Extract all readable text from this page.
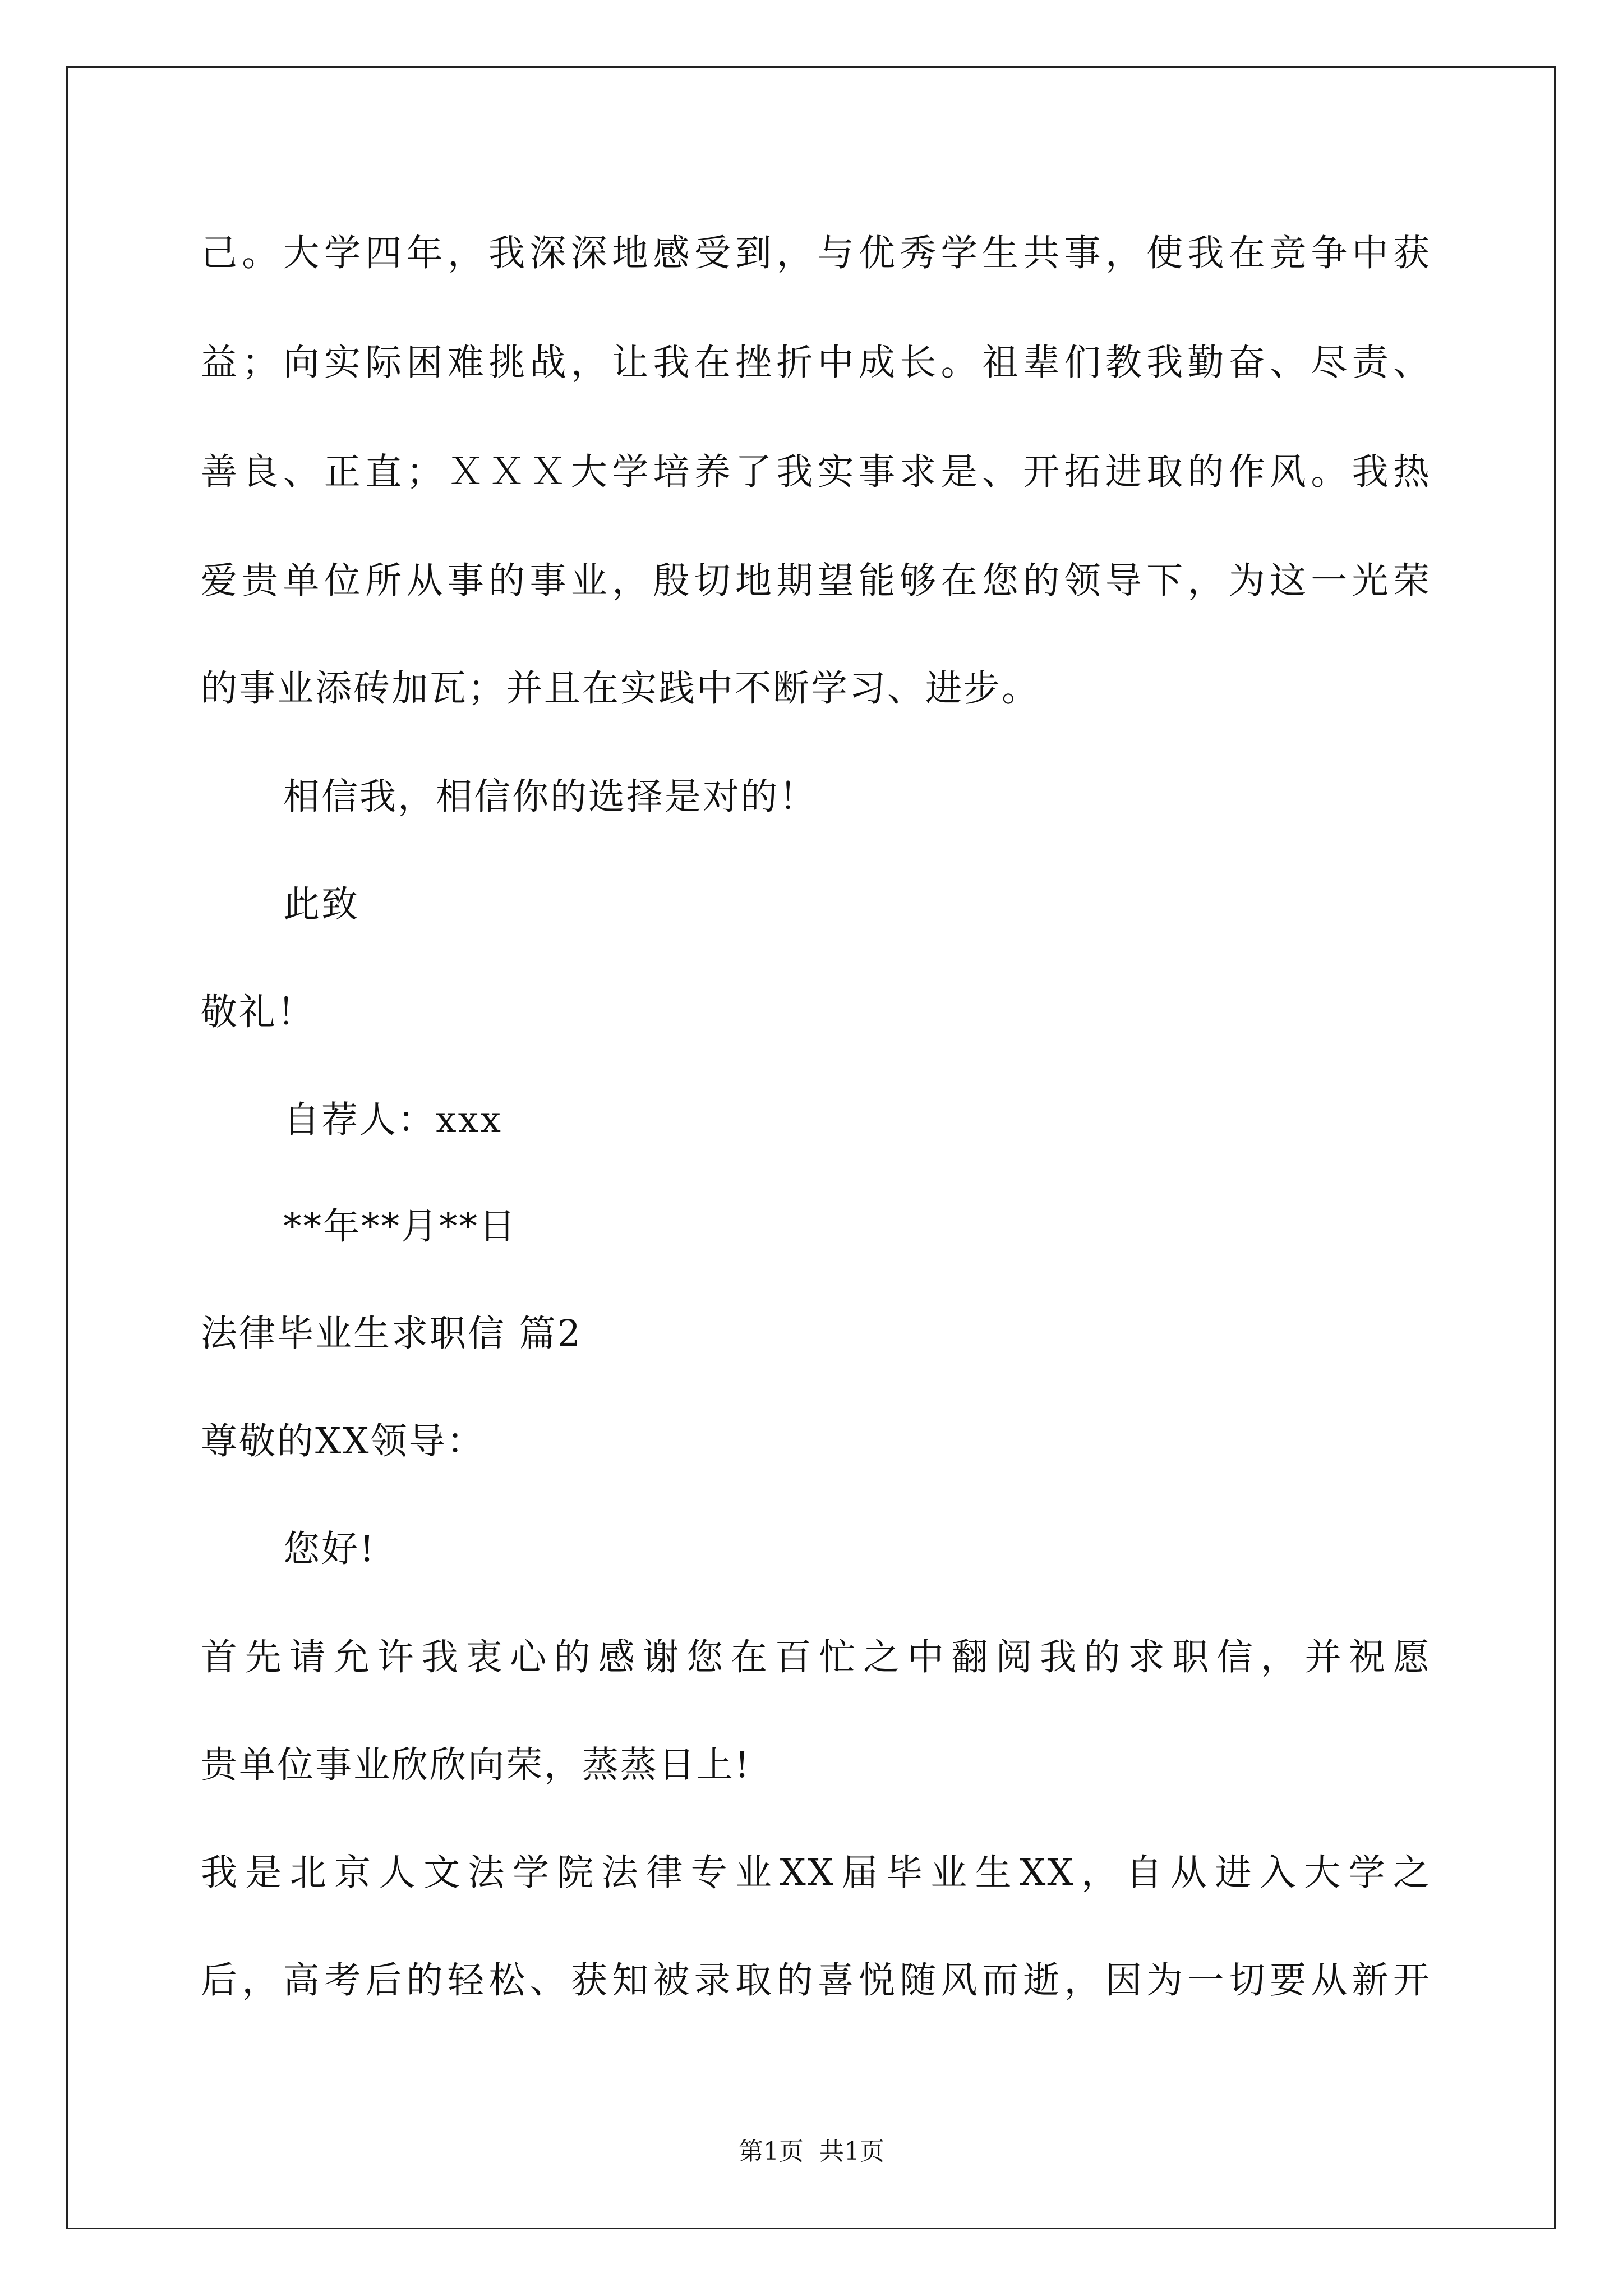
己。大学四年，我深深地感受到，与优秀学生共事，使我在竞争中获
益；向实际困难挑战，让我在挫折中成长。祖辈们教我勤奋、尽责、
善良、正直；ＸＸＸ大学培养了我实事求是、开拓进取的作风。我热
爱贵单位所从事的事业，殷切地期望能够在您的领导下，为这一光荣
的事业添砖加瓦；并且在实践中不断学习、进步。
相信我，相信你的选择是对的！
此致
敬礼！
自荐人：xxx
**年**月**日
法律毕业生求职信 篇2
尊敬的XX领导：
您好!
首先请允许我衷心的感谢您在百忙之中翻阅我的求职信，并祝愿
贵单位事业欣欣向荣，蒸蒸日上!
我是北京人文法学院法律专业XX届毕业生XX，自从进入大学之
后，高考后的轻松、获知被录取的喜悦随风而逝，因为一切要从新开
第1页 共1页
